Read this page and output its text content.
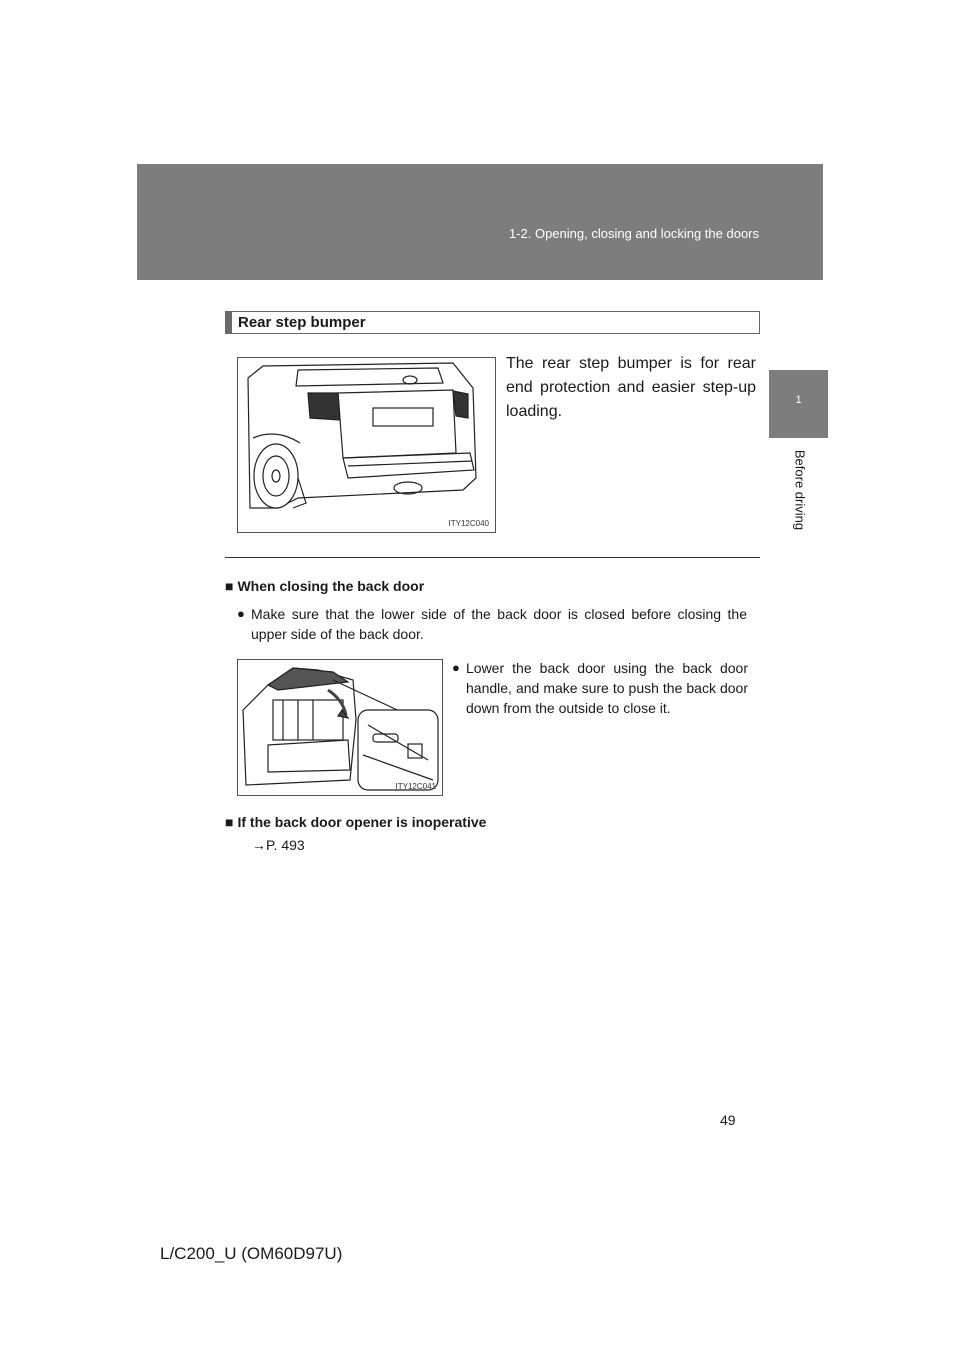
1-2. Opening, closing and locking the doors
1
Before driving
Rear step bumper
ITY12C040
The rear step bumper is for rear end protection and easier step-up loading.
■ When closing the back door
● Make sure that the lower side of the back door is closed before closing the upper side of the back door.
ITY12C041
● Lower the back door using the back door handle, and make sure to push the back door down from the outside to close it.
■ If the back door opener is inoperative
→P. 493
49
L/C200_U (OM60D97U)
